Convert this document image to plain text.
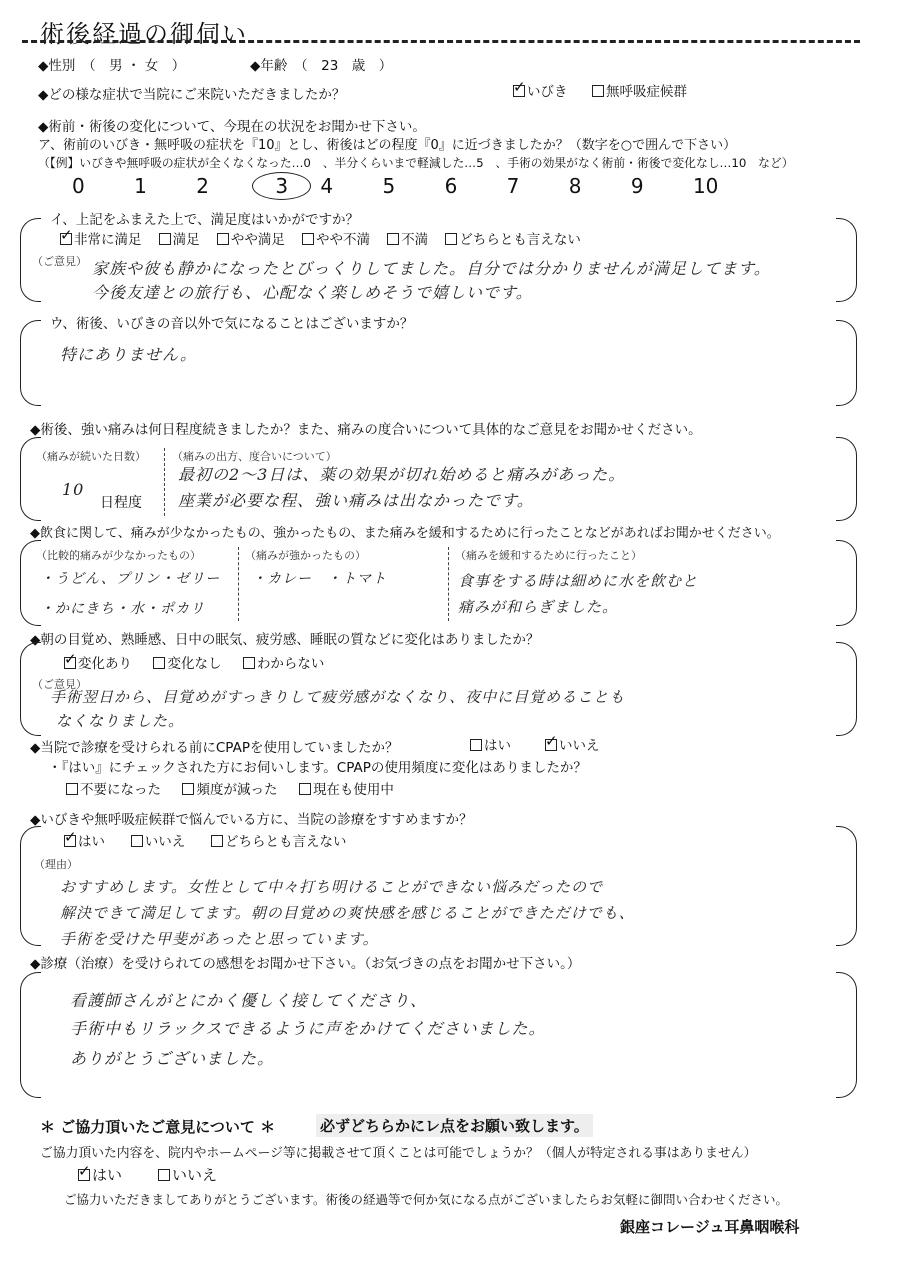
術後経過の御伺い
◆性別　（　男 ・ 女　）	◆年齢　（　23　歳　）
◆どの様な症状で当院にご来院いただきましたか？ ✓	いびき	無呼吸症候群
◆術前・術後の変化について、今現在の状況をお聞かせ下さい。
ア、術前のいびき・無呼吸の症状を『10』とし、術後はどの程度『0』に近づきましたか？（数字を○で囲んで下さい）
（【例】いびきや無呼吸の症状が全くなくなった…0　、半分くらいまで軽減した…5　、手術の効果がなく術前・術後で変化なし…10　など）
0 1 2	3 4 5 6 7 8 9 10
イ、上記をふまえた上で、満足度はいかがですか？
✓非常に満足 満足 やや満足 やや不満 不満 どちらとも言えない
（ご意見） 家族や彼も静かになったとびっくりしてました。自分では分かりませんが満足してます。
今後友達との旅行も、心配なく楽しめそうで嬉しいです。
ウ、術後、いびきの音以外で気になることはございますか？
特にありません。
◆術後、強い痛みは何日程度続きましたか？また、痛みの度合いについて具体的なご意見をお聞かせください。
（痛みが続いた日数）
10
日程度
（痛みの出方、度合いについて）
最初の2〜3日は、薬の効果が切れ始めると痛みがあった。
座業が必要な程、強い痛みは出なかったです。
◆飲食に関して、痛みが少なかったもの、強かったもの、また痛みを緩和するために行ったことなどがあればお聞かせください。
（比較的痛みが少なかったもの）
・うどん、プリン・ゼリー
・かにきち・水・ポカリ
（痛みが強かったもの）
・カレー　・トマト
（痛みを緩和するために行ったこと）
食事をする時は細めに水を飲むと
痛みが和らぎました。
◆朝の目覚め、熟睡感、日中の眠気、疲労感、睡眠の質などに変化はありましたか？
✓変化あり	変化なし	わからない
（ご意見）
手術翌日から、目覚めがすっきりして疲労感がなくなり、夜中に目覚めることも
なくなりました。
◆当院で診療を受けられる前にCPAPを使用していましたか？	はい ✓	いいえ
・『はい』にチェックされた方にお伺いします。CPAPの使用頻度に変化はありましたか？
不要になった	頻度が減った	現在も使用中
◆いびきや無呼吸症候群で悩んでいる方に、当院の診療をすすめますか？
✓はい	いいえ	どちらとも言えない
（理由）
おすすめします。女性として中々打ち明けることができない悩みだったので
解決できて満足してます。朝の目覚めの爽快感を感じることができただけでも、
手術を受けた甲斐があったと思っています。
◆診療（治療）を受けられての感想をお聞かせ下さい。（お気づきの点をお聞かせ下さい。）
看護師さんがとにかく優しく接してくださり、
手術中もリラックスできるように声をかけてくださいました。
ありがとうございました。
＊ ご協力頂いたご意見について ＊	必ずどちらかにレ点をお願い致します。
ご協力頂いた内容を、院内やホームページ等に掲載させて頂くことは可能でしょうか？（個人が特定される事はありません）
✓はい	いいえ
ご協力いただきましてありがとうございます。術後の経過等で何か気になる点がございましたらお気軽に御問い合わせください。
銀座コレージュ耳鼻咽喉科
